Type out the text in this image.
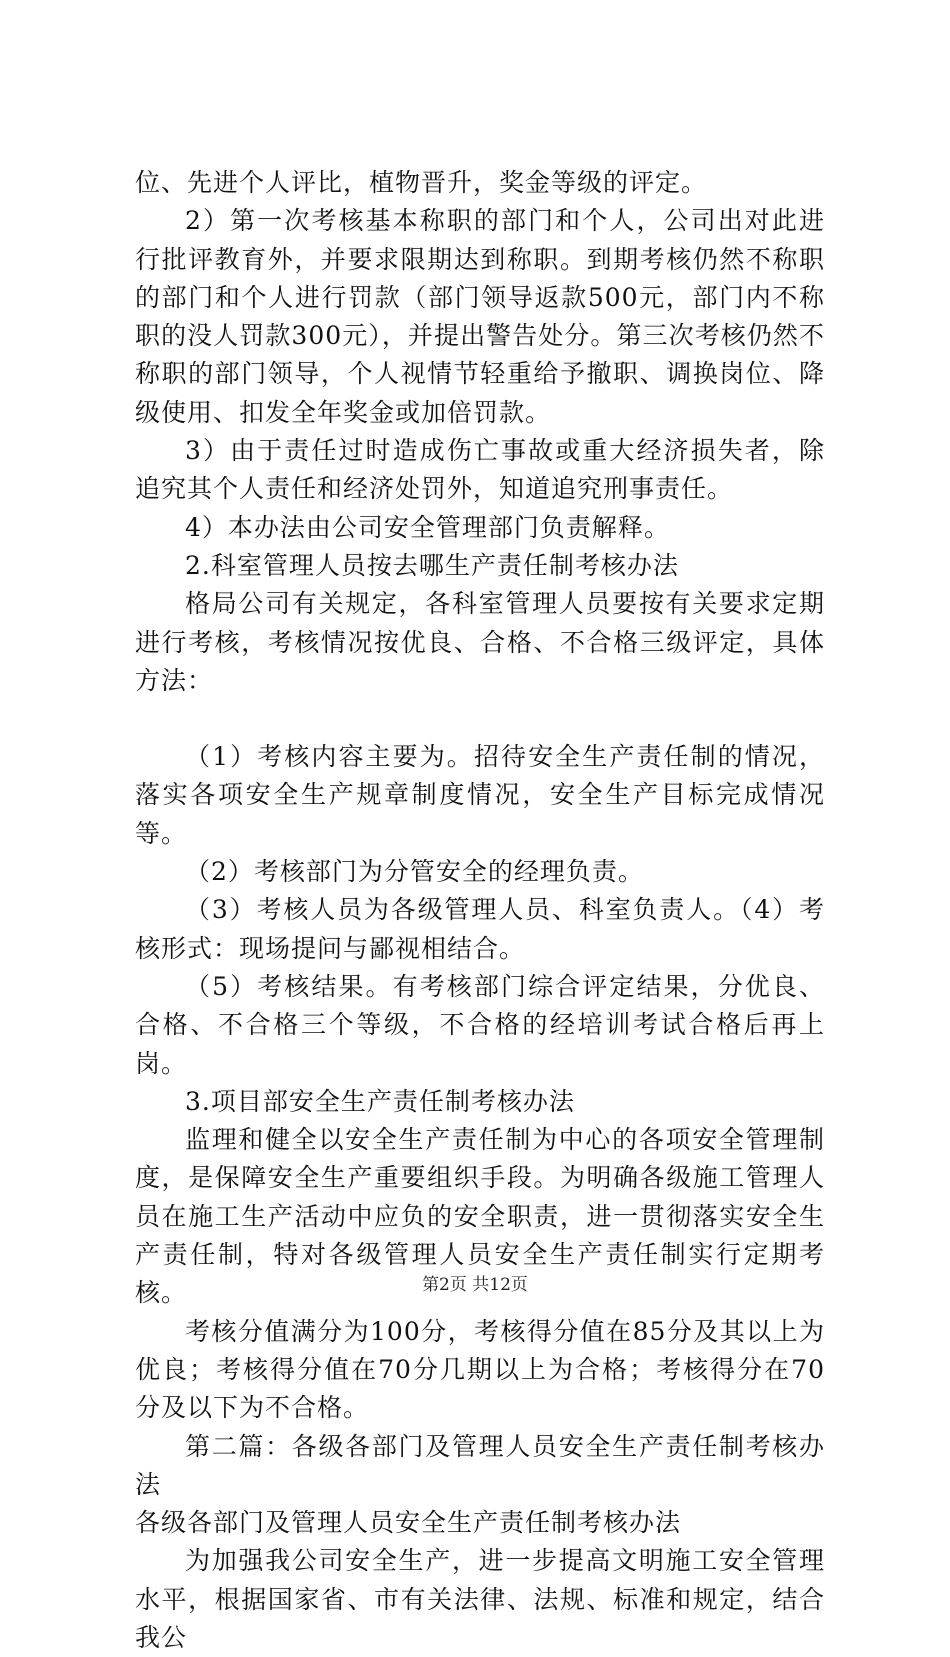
位、先进个人评比，植物晋升，奖金等级的评定。

2）第一次考核基本称职的部门和个人，公司出对此进行批评教育外，并要求限期达到称职。到期考核仍然不称职的部门和个人进行罚款（部门领导返款500元，部门内不称职的没人罚款300元），并提出警告处分。第三次考核仍然不称职的部门领导，个人视情节轻重给予撤职、调换岗位、降级使用、扣发全年奖金或加倍罚款。

3）由于责任过时造成伤亡事故或重大经济损失者，除追究其个人责任和经济处罚外，知道追究刑事责任。

4）本办法由公司安全管理部门负责解释。

2.科室管理人员按去哪生产责任制考核办法

格局公司有关规定，各科室管理人员要按有关要求定期进行考核，考核情况按优良、合格、不合格三级评定，具体方法：

（1）考核内容主要为。招待安全生产责任制的情况，落实各项安全生产规章制度情况，安全生产目标完成情况等。

（2）考核部门为分管安全的经理负责。

（3）考核人员为各级管理人员、科室负责人。（4）考核形式：现场提问与鄙视相结合。

（5）考核结果。有考核部门综合评定结果，分优良、合格、不合格三个等级，不合格的经培训考试合格后再上岗。

3.项目部安全生产责任制考核办法

监理和健全以安全生产责任制为中心的各项安全管理制度，是保障安全生产重要组织手段。为明确各级施工管理人员在施工生产活动中应负的安全职责，进一贯彻落实安全生产责任制，特对各级管理人员安全生产责任制实行定期考核。

考核分值满分为100分，考核得分值在85分及其以上为优良；考核得分值在70分几期以上为合格；考核得分在70分及以下为不合格。

第二篇：各级各部门及管理人员安全生产责任制考核办法

各级各部门及管理人员安全生产责任制考核办法

为加强我公司安全生产，进一步提高文明施工安全管理水平，根据国家省、市有关法律、法规、标准和规定，结合我公

第2页 共12页
